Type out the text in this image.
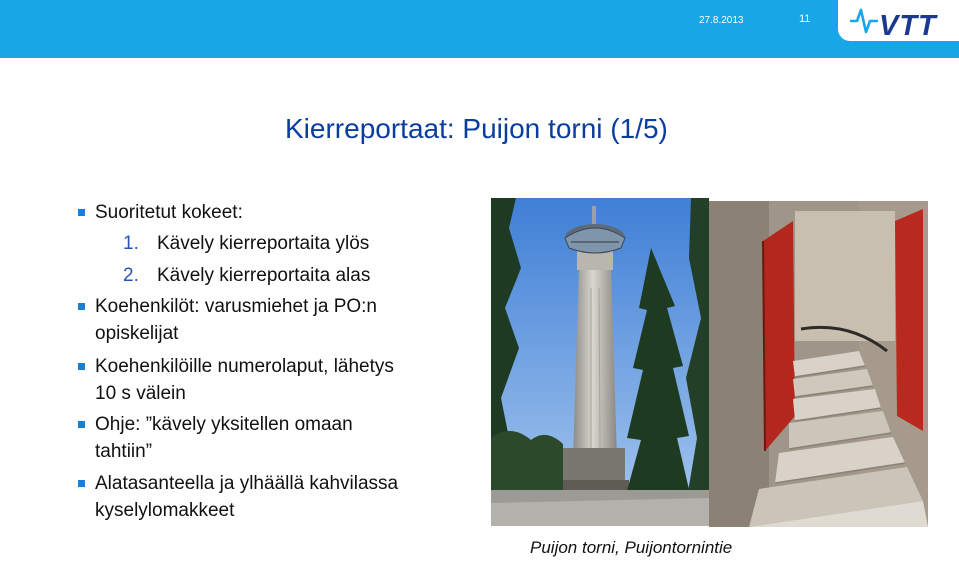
27.8.2013	11 VTT
Kierreportaat: Puijon torni (1/5)
Suoritetut kokeet:
1. Kävely kierreportaita ylös
2. Kävely kierreportaita alas
Koehenkilöt: varusmiehet ja PO:n
opiskelijat
Koehenkilöille numerolaput, lähetys
10 s välein
Ohje: ”kävely yksitellen omaan
tahtiin”
Alatasanteella ja ylhäällä kahvilassa
kyselylomakkeet
Puijon torni, Puijontornintie
